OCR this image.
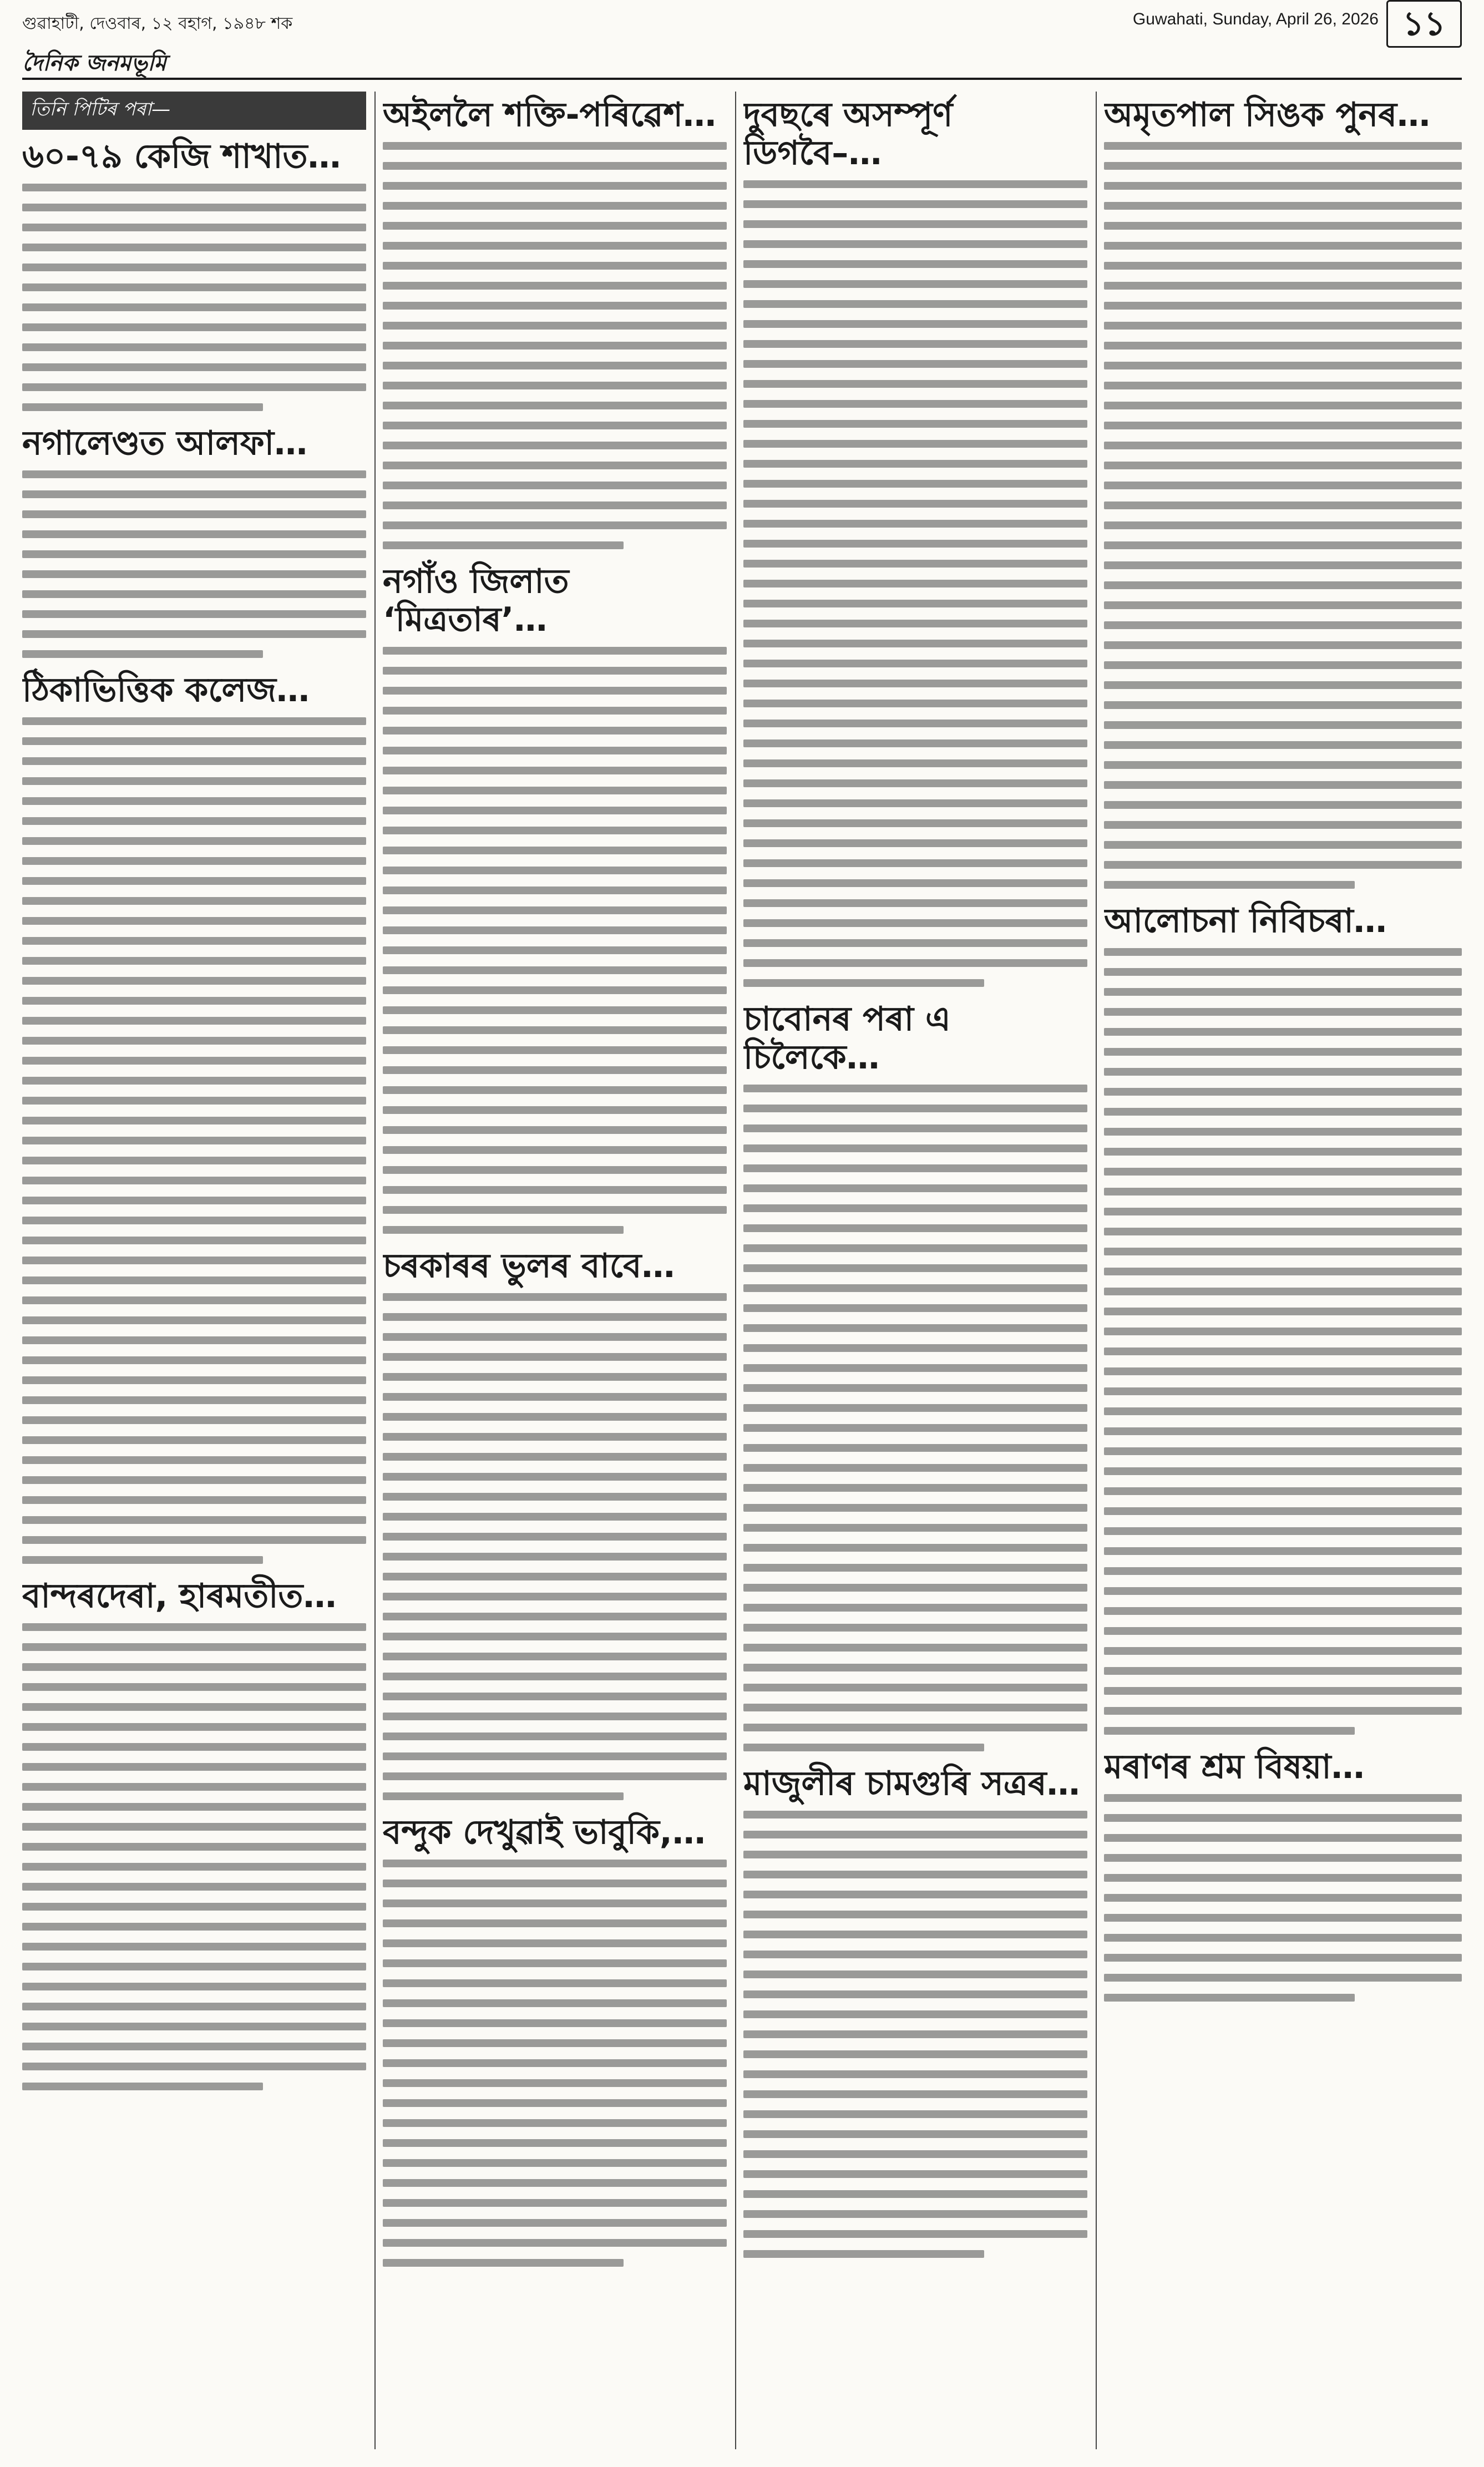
গুৱাহাটী, দেওবাৰ, ১২ বহাগ, ১৯৪৮ শক	Guwahati, Sunday, April 26, 2026 ১১
দৈনিক জনমভূমি
তিনি পিটিৰ পৰা—
৬০-৭৯ কেজি শাখাত…
নগালেণ্ডত আলফা…
ঠিকাভিত্তিক কলেজ…
বান্দৰদেৰা, হাৰমতীত…
অইললৈ শক্তি-পৰিৱেশ…
নগাঁও জিলাত ‘মিত্ৰতাৰ’…
চৰকাৰৰ ভুলৰ বাবে…
বন্দুক দেখুৱাই ভাবুকি,…
দুবছৰে অসম্পূৰ্ণ ডিগবৈ–…
চাবোনৰ পৰা এ চিলৈকে…
মাজুলীৰ চামগুৰি সত্ৰৰ…
অমৃতপাল সিঙক পুনৰ…
আলোচনা নিবিচৰা…
মৰাণৰ শ্ৰম বিষয়া…
